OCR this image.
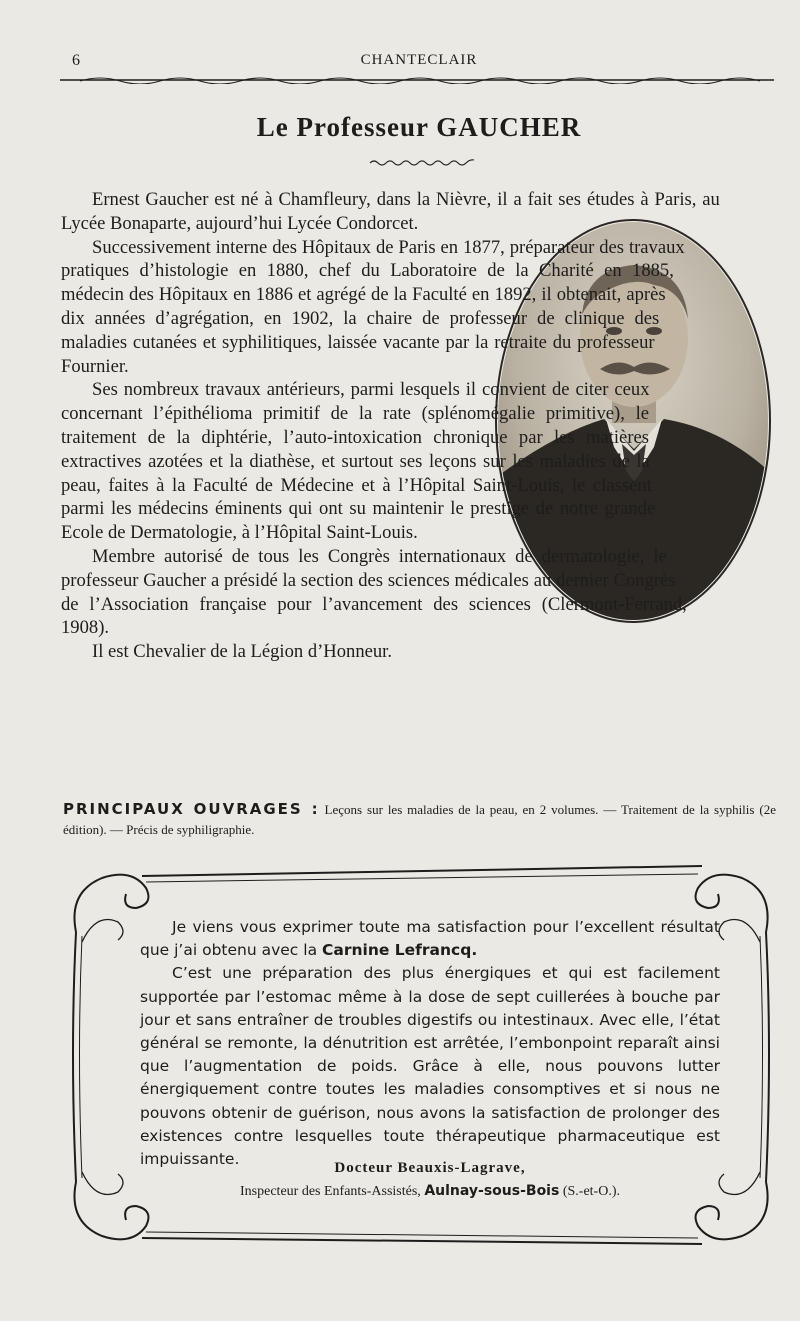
6	CHANTECLAIR
Le Professeur GAUCHER

Ernest Gaucher est né à Chamfleury, dans la Nièvre, il a fait ses études à Paris, au Lycée Bonaparte, aujourd’hui Lycée Condorcet.

Successivement interne des Hôpitaux de Paris en 1877, préparateur des travaux pratiques d’histologie en 1880, chef du Laboratoire de la Charité en 1885, médecin des Hôpitaux en 1886 et agrégé de la Faculté en 1892, il obtenait, après dix années d’agrégation, en 1902, la chaire de professeur de clinique des maladies cutanées et syphilitiques, laissée vacante par la retraite du professeur Fournier.

Ses nombreux travaux antérieurs, parmi lesquels il convient de citer ceux concernant l’épithélioma primitif de la rate (splénomégalie primitive), le traitement de la diphtérie, l’auto-intoxication chronique par les matières extractives azotées et la diathèse, et surtout ses leçons sur les maladies de la peau, faites à la Faculté de Médecine et à l’Hôpital Saint-Louis, le classent parmi les médecins éminents qui ont su maintenir le prestige de notre grande Ecole de Dermatologie, à l’Hôpital Saint-Louis.

Membre autorisé de tous les Congrès internationaux de dermatologie, le professeur Gaucher a présidé la section des sciences médicales au dernier Congrès de l’Association française pour l’avancement des sciences (Clermont-Ferrand, 1908).

Il est Chevalier de la Légion d’Honneur.

PRINCIPAUX OUVRAGES : Leçons sur les maladies de la peau, en 2 volumes. — Traitement de la syphilis (2e édition). — Précis de syphiligraphie.

Je viens vous exprimer toute ma satisfaction pour l’excellent résultat que j’ai obtenu avec la Carnine Lefrancq.

C’est une préparation des plus énergiques et qui est facilement supportée par l’estomac même à la dose de sept cuillerées à bouche par jour et sans entraîner de troubles digestifs ou intestinaux. Avec elle, l’état général se remonte, la dénutrition est arrêtée, l’embonpoint reparaît ainsi que l’augmentation de poids. Grâce à elle, nous pouvons lutter énergiquement contre toutes les maladies consomptives et si nous ne pouvons obtenir de guérison, nous avons la satisfaction de prolonger des existences contre lesquelles toute thérapeutique pharmaceutique est impuissante.	Docteur Beauxis-Lagrave,
Inspecteur des Enfants-Assistés, Aulnay-sous-Bois (S.-et-O.).
